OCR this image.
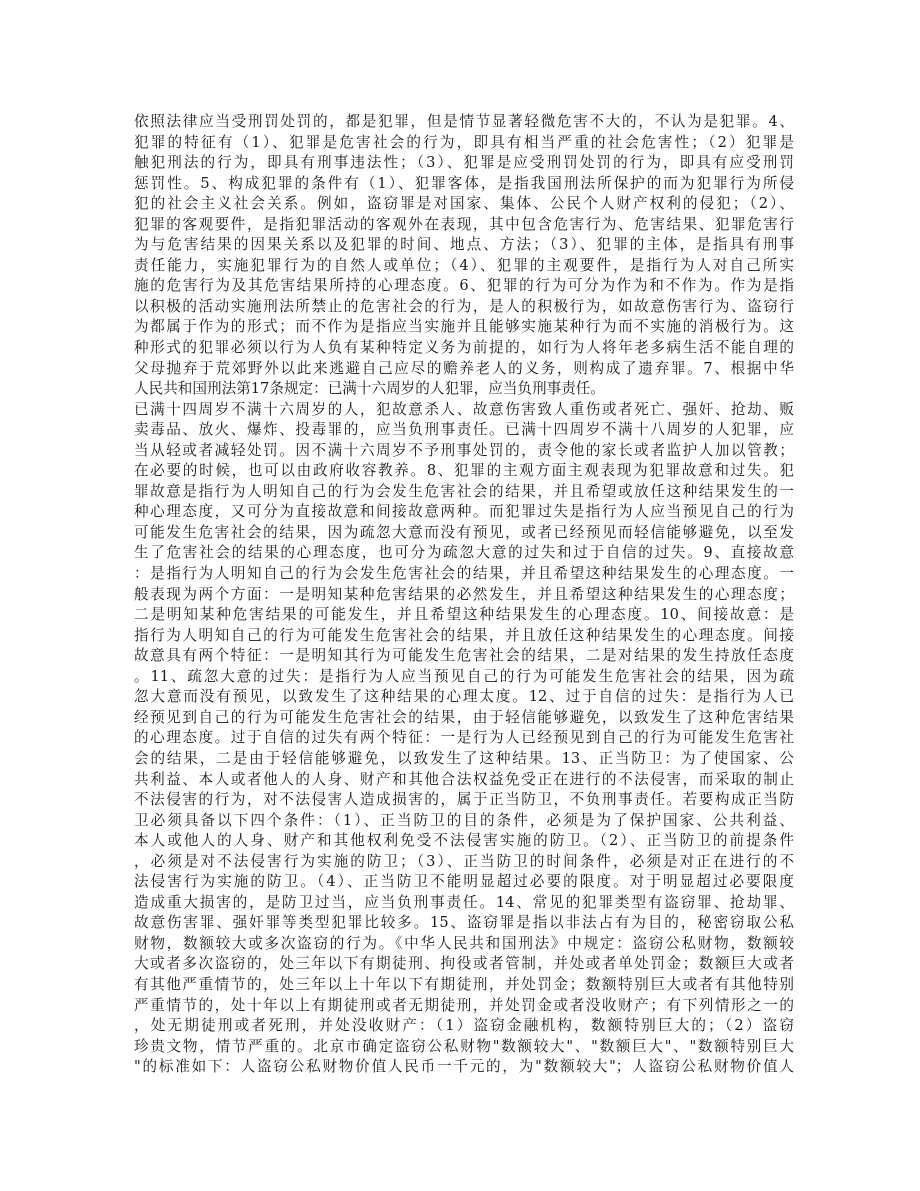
依照法律应当受刑罚处罚的，都是犯罪，但是情节显著轻微危害不大的，不认为是犯罪。4、
犯罪的特征有（1）、犯罪是危害社会的行为，即具有相当严重的社会危害性；（2）犯罪是
触犯刑法的行为，即具有刑事违法性；（3）、犯罪是应受刑罚处罚的行为，即具有应受刑罚
惩罚性。5、构成犯罪的条件有（1）、犯罪客体，是指我国刑法所保护的而为犯罪行为所侵
犯的社会主义社会关系。例如，盗窃罪是对国家、集体、公民个人财产权利的侵犯；（2）、
犯罪的客观要件，是指犯罪活动的客观外在表现，其中包含危害行为、危害结果、犯罪危害行
为与危害结果的因果关系以及犯罪的时间、地点、方法；（3）、犯罪的主体，是指具有刑事
责任能力，实施犯罪行为的自然人或单位；（4）、犯罪的主观要件，是指行为人对自己所实
施的危害行为及其危害结果所持的心理态度。6、犯罪的行为可分为作为和不作为。作为是指
以积极的活动实施刑法所禁止的危害社会的行为，是人的积极行为，如故意伤害行为、盗窃行
为都属于作为的形式；而不作为是指应当实施并且能够实施某种行为而不实施的消极行为。这
种形式的犯罪必须以行为人负有某种特定义务为前提的，如行为人将年老多病生活不能自理的
父母抛弃于荒郊野外以此来逃避自己应尽的赡养老人的义务，则构成了遗弃罪。7、根据中华
人民共和国刑法第17条规定：已满十六周岁的人犯罪，应当负刑事责任。
已满十四周岁不满十六周岁的人，犯故意杀人、故意伤害致人重伤或者死亡、强奸、抢劫、贩
卖毒品、放火、爆炸、投毒罪的，应当负刑事责任。已满十四周岁不满十八周岁的人犯罪，应
当从轻或者减轻处罚。因不满十六周岁不予刑事处罚的，责令他的家长或者监护人加以管教；
在必要的时候，也可以由政府收容教养。8、犯罪的主观方面主观表现为犯罪故意和过失。犯
罪故意是指行为人明知自己的行为会发生危害社会的结果，并且希望或放任这种结果发生的一
种心理态度，又可分为直接故意和间接故意两种。而犯罪过失是指行为人应当预见自己的行为
可能发生危害社会的结果，因为疏忽大意而没有预见，或者已经预见而轻信能够避免，以至发
生了危害社会的结果的心理态度，也可分为疏忽大意的过失和过于自信的过失。9、直接故意
：是指行为人明知自己的行为会发生危害社会的结果，并且希望这种结果发生的心理态度。一
般表现为两个方面：一是明知某种危害结果的必然发生，并且希望这种结果发生的心理态度；
二是明知某种危害结果的可能发生，并且希望这种结果发生的心理态度。10、间接故意：是
指行为人明知自己的行为可能发生危害社会的结果，并且放任这种结果发生的心理态度。间接
故意具有两个特征：一是明知其行为可能发生危害社会的结果，二是对结果的发生持放任态度
。11、疏忽大意的过失：是指行为人应当预见自己的行为可能发生危害社会的结果，因为疏
忽大意而没有预见，以致发生了这种结果的心理太度。12、过于自信的过失：是指行为人已
经预见到自己的行为可能发生危害社会的结果，由于轻信能够避免，以致发生了这种危害结果
的心理态度。过于自信的过失有两个特征：一是行为人已经预见到自己的行为可能发生危害社
会的结果，二是由于轻信能够避免，以致发生了这种结果。13、正当防卫：为了使国家、公
共利益、本人或者他人的人身、财产和其他合法权益免受正在进行的不法侵害，而采取的制止
不法侵害的行为，对不法侵害人造成损害的，属于正当防卫，不负刑事责任。若要构成正当防
卫必须具备以下四个条件：（1）、正当防卫的目的条件，必须是为了保护国家、公共利益、
本人或他人的人身、财产和其他权利免受不法侵害实施的防卫。（2）、正当防卫的前提条件
，必须是对不法侵害行为实施的防卫；（3）、正当防卫的时间条件，必须是对正在进行的不
法侵害行为实施的防卫。（4）、正当防卫不能明显超过必要的限度。对于明显超过必要限度
造成重大损害的，是防卫过当，应当负刑事责任。14、常见的犯罪类型有盗窃罪、抢劫罪、
故意伤害罪、强奸罪等类型犯罪比较多。15、盗窃罪是指以非法占有为目的，秘密窃取公私
财物，数额较大或多次盗窃的行为。《中华人民共和国刑法》中规定：盗窃公私财物，数额较
大或者多次盗窃的，处三年以下有期徒刑、拘役或者管制，并处或者单处罚金；数额巨大或者
有其他严重情节的，处三年以上十年以下有期徒刑，并处罚金；数额特别巨大或者有其他特别
严重情节的，处十年以上有期徒刑或者无期徒刑，并处罚金或者没收财产；有下列情形之一的
，处无期徒刑或者死刑，并处没收财产：（1）盗窃金融机构，数额特别巨大的；（2）盗窃
珍贵文物，情节严重的。北京市确定盗窃公私财物"数额较大"、"数额巨大"、"数额特别巨大
"的标准如下：人盗窃公私财物价值人民币一千元的，为"数额较大"；人盗窃公私财物价值人
